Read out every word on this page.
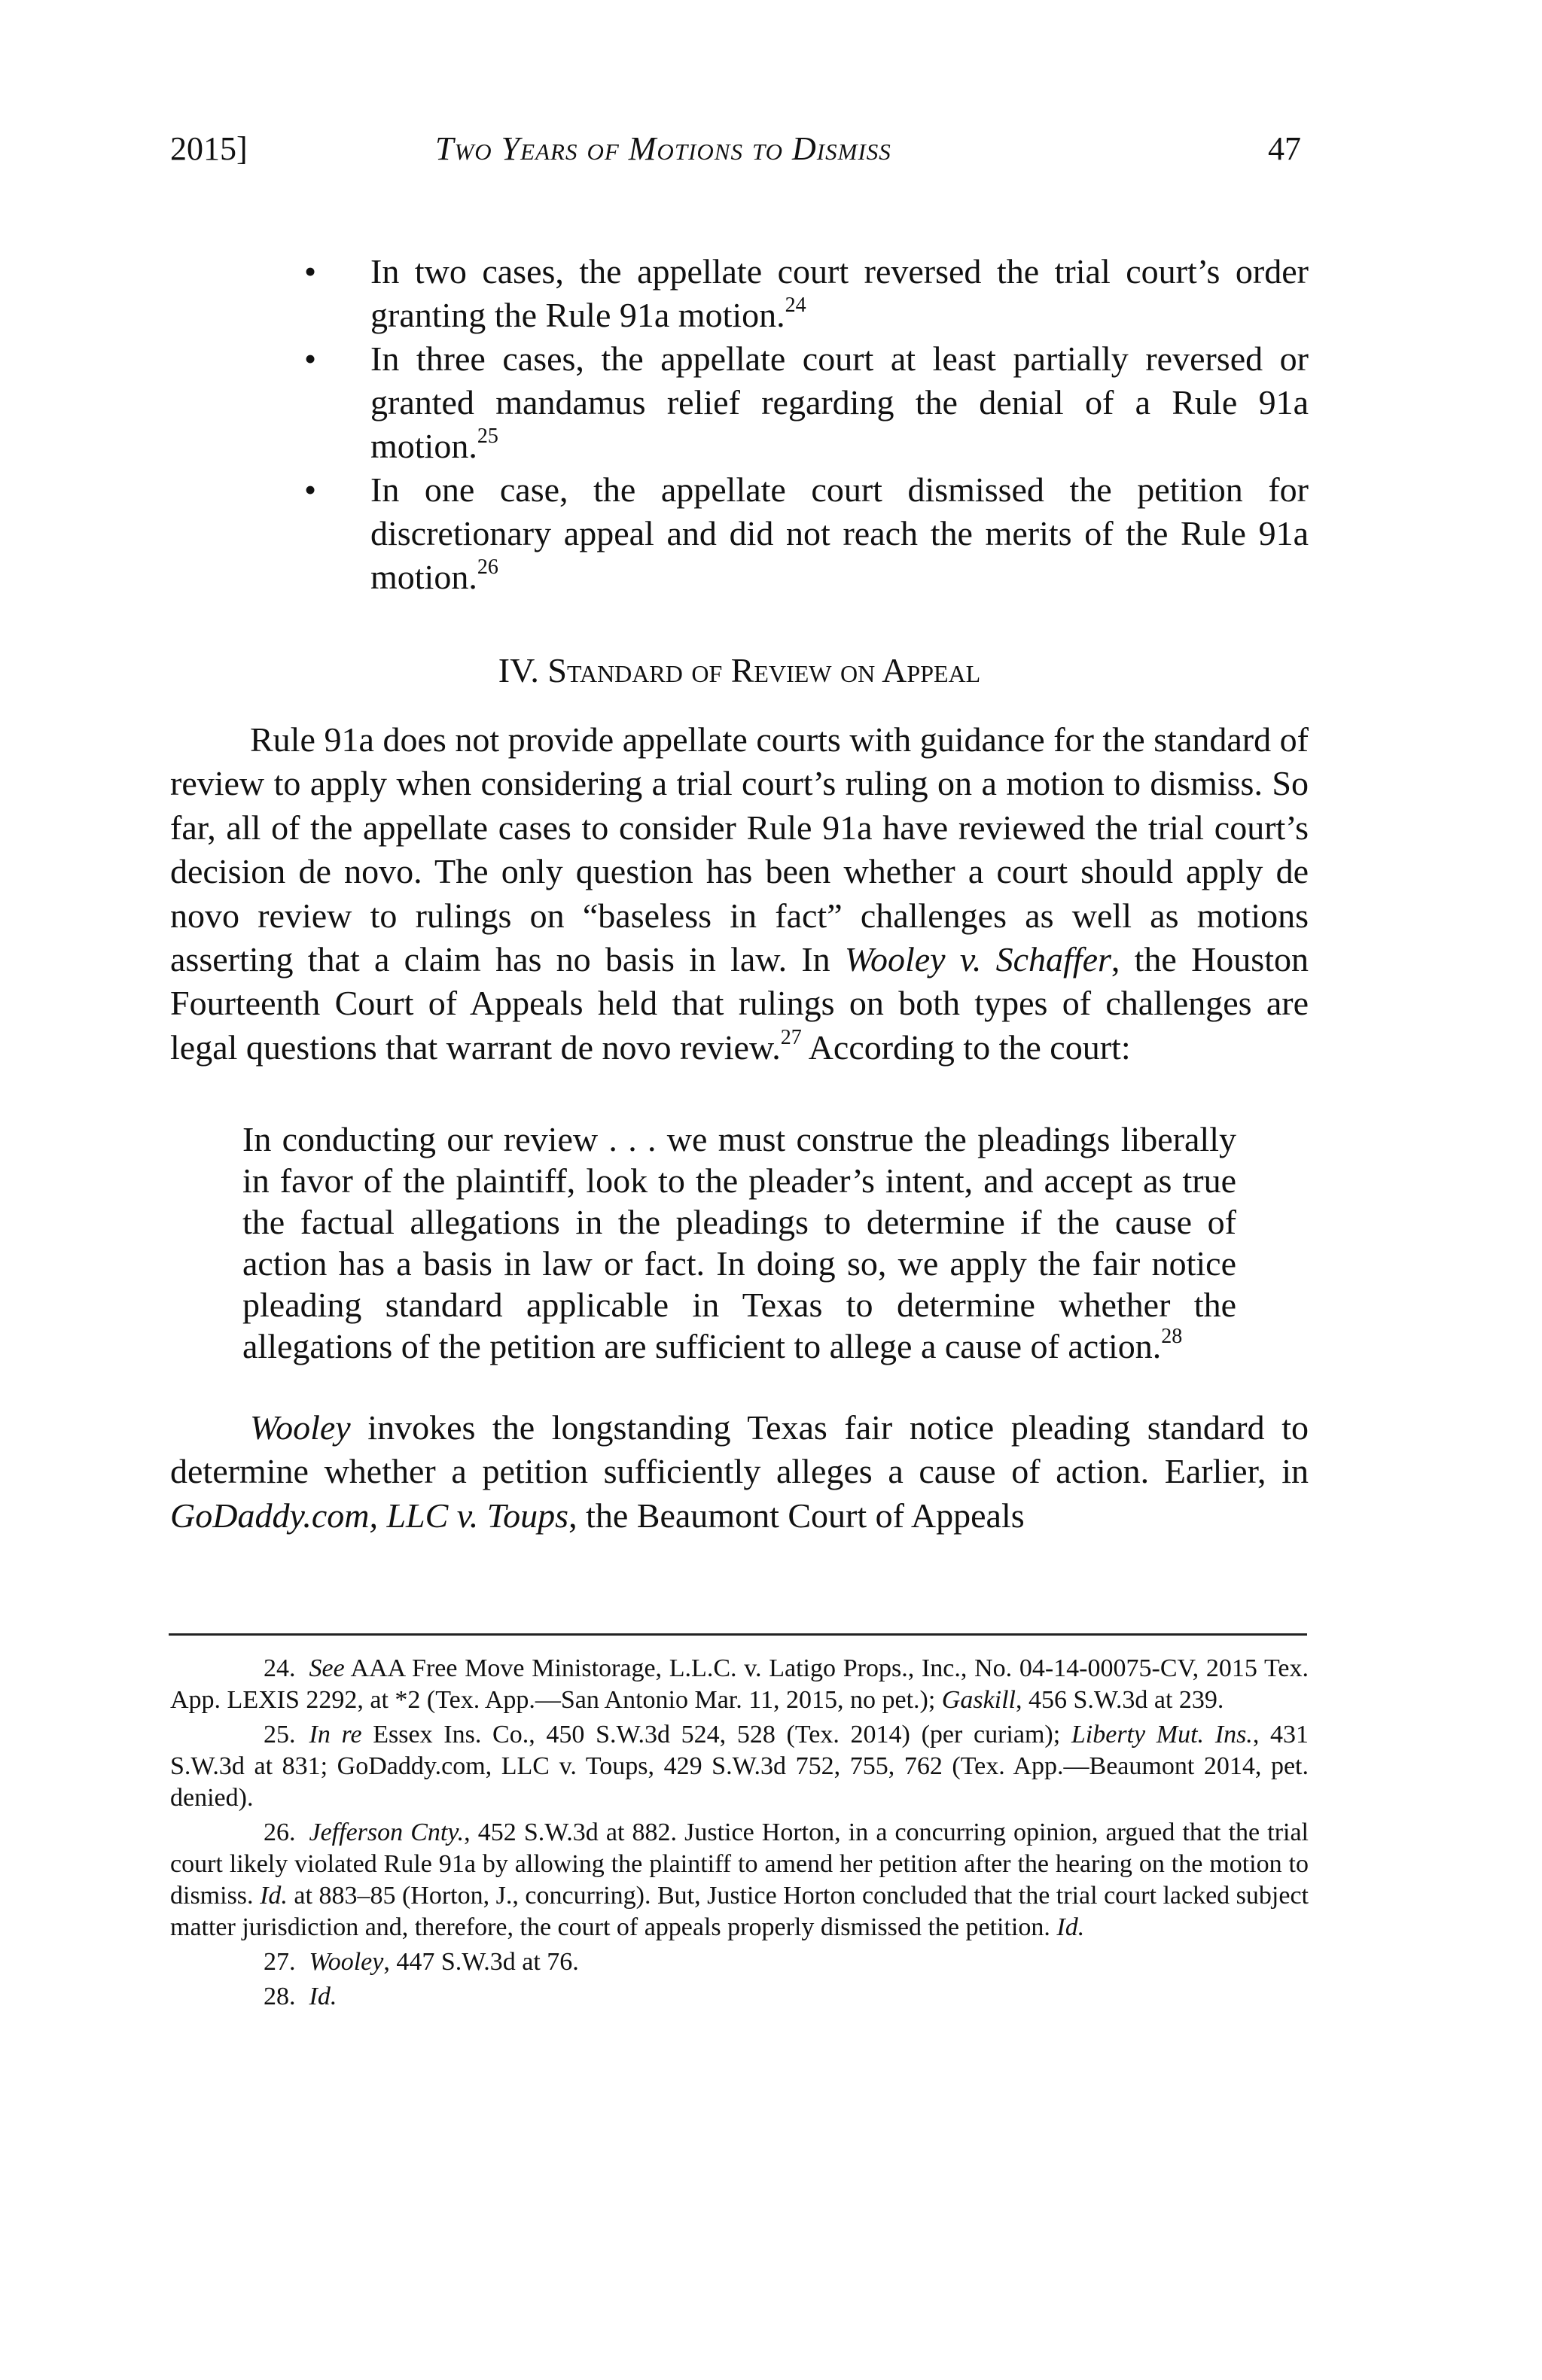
2015]	Two Years of Motions to Dismiss	47
• In two cases, the appellate court reversed the trial court’s order granting the Rule 91a motion.$^{24}$
• In three cases, the appellate court at least partially reversed or granted mandamus relief regarding the denial of a Rule 91a motion.$^{25}$
• In one case, the appellate court dismissed the petition for discretionary appeal and did not reach the merits of the Rule 91a motion.$^{26}$
IV. Standard of Review on Appeal

Rule 91a does not provide appellate courts with guidance for the standard of review to apply when considering a trial court’s ruling on a motion to dismiss. So far, all of the appellate cases to consider Rule 91a have reviewed the trial court’s decision de novo. The only question has been whether a court should apply de novo review to rulings on “baseless in fact” challenges as well as motions asserting that a claim has no basis in law. In Wooley v. Schaffer, the Houston Fourteenth Court of Appeals held that rulings on both types of challenges are legal questions that warrant de novo review.$^{27}$ According to the court:

In conducting our review . . . we must construe the pleadings liberally in favor of the plaintiff, look to the pleader’s intent, and accept as true the factual allegations in the pleadings to determine if the cause of action has a basis in law or fact. In doing so, we apply the fair notice pleading standard applicable in Texas to determine whether the allegations of the petition are sufficient to allege a cause of action.$^{28}$

Wooley invokes the longstanding Texas fair notice pleading standard to determine whether a petition sufficiently alleges a cause of action. Earlier, in GoDaddy.com, LLC v. Toups, the Beaumont Court of Appeals

24. See AAA Free Move Ministorage, L.L.C. v. Latigo Props., Inc., No. 04-14-00075-CV, 2015 Tex. App. LEXIS 2292, at *2 (Tex. App.—San Antonio Mar. 11, 2015, no pet.); Gaskill, 456 S.W.3d at 239.

25. In re Essex Ins. Co., 450 S.W.3d 524, 528 (Tex. 2014) (per curiam); Liberty Mut. Ins., 431 S.W.3d at 831; GoDaddy.com, LLC v. Toups, 429 S.W.3d 752, 755, 762 (Tex. App.—Beaumont 2014, pet. denied).

26. Jefferson Cnty., 452 S.W.3d at 882. Justice Horton, in a concurring opinion, argued that the trial court likely violated Rule 91a by allowing the plaintiff to amend her petition after the hearing on the motion to dismiss. Id. at 883–85 (Horton, J., concurring). But, Justice Horton concluded that the trial court lacked subject matter jurisdiction and, therefore, the court of appeals properly dismissed the petition. Id.

27. Wooley, 447 S.W.3d at 76.

28. Id.
